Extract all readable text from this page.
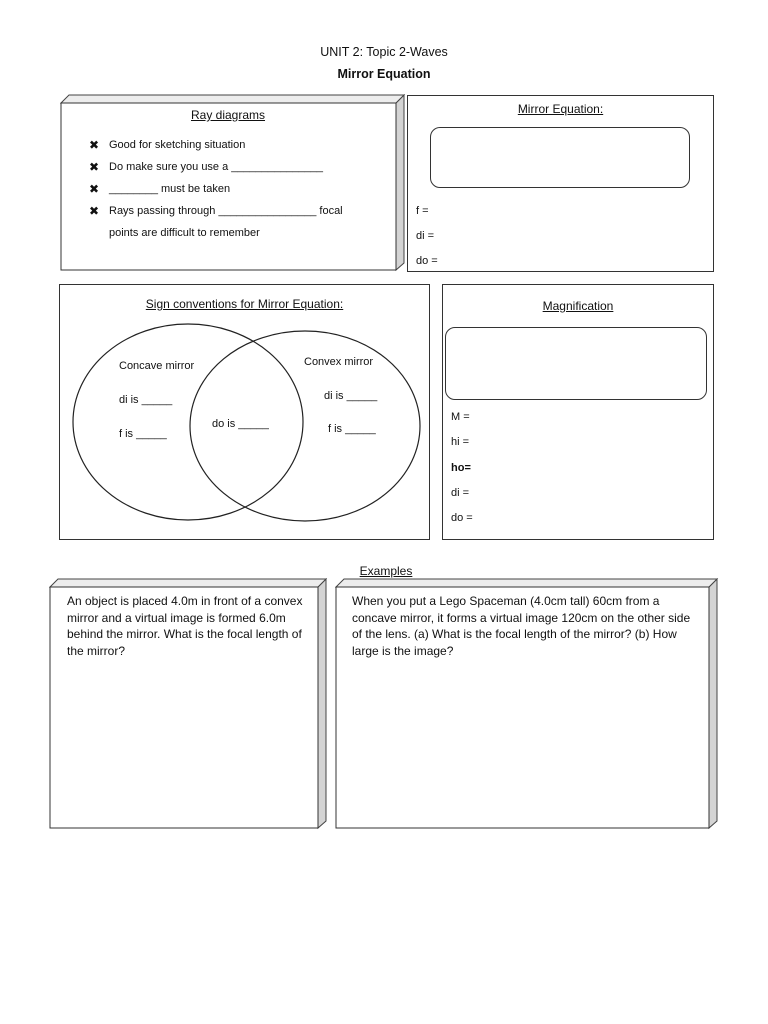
UNIT 2: Topic 2-Waves
Mirror Equation
Ray diagrams
✖ Good for sketching situation
✖ Do make sure you use a _______________
✖ ________ must be taken
✖ Rays passing through ________________ focal
points are difficult to remember
Mirror Equation:
f =
di =
do =
Sign conventions for Mirror Equation:
Concave mirror	Convex mirror
di is _____
f is _____
do is _____
di is _____
f is _____
Magnification
M =
hi =
ho=
di =
do =
Examples
An object is placed 4.0m in front of a convex mirror and a virtual image is formed 6.0m behind the mirror. What is the focal length of the mirror?
When you put a Lego Spaceman (4.0cm tall) 60cm from a concave mirror, it forms a virtual image 120cm on the other side of the lens. (a) What is the focal length of the mirror? (b) How large is the image?
